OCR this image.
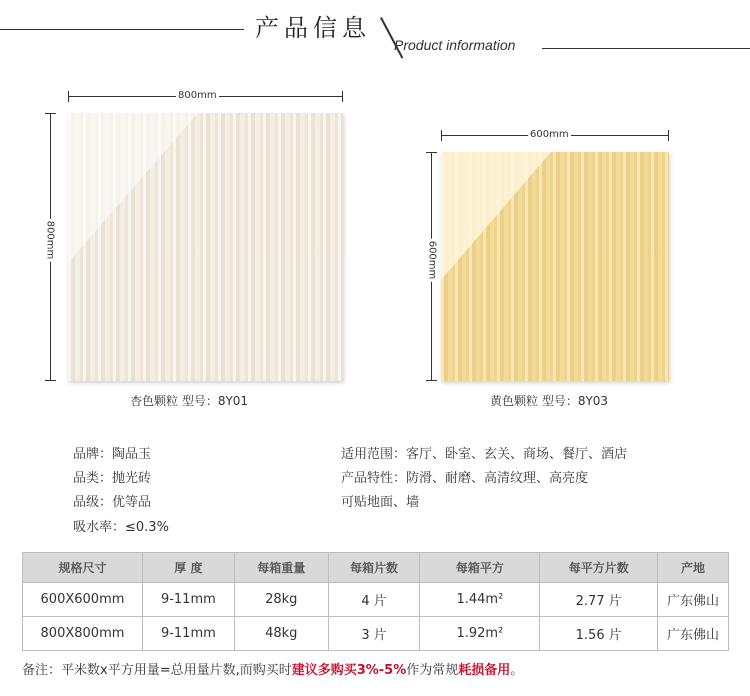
产品信息
Product information
800mm
800mm
杏色颗粒 型号：8Y01
600mm
600mm
黄色颗粒 型号：8Y03
品牌：陶品玉
品类：抛光砖
品级：优等品
吸水率：≤0.3%
适用范围：客厅、卧室、玄关、商场、餐厅、酒店
产品特性：防滑、耐磨、高清纹理、高亮度
可贴地面、墙
规格尺寸	厚 度	每箱重量	每箱片数	每箱平方	每平方片数	产地
600X600mm	9-11mm	28kg	4 片	1.44m²	2.77 片	广东佛山
800X800mm	9-11mm	48kg	3 片	1.92m²	1.56 片	广东佛山
备注：平米数x平方用量=总用量片数,而购买时建议多购买3%-5%作为常规耗损备用。
